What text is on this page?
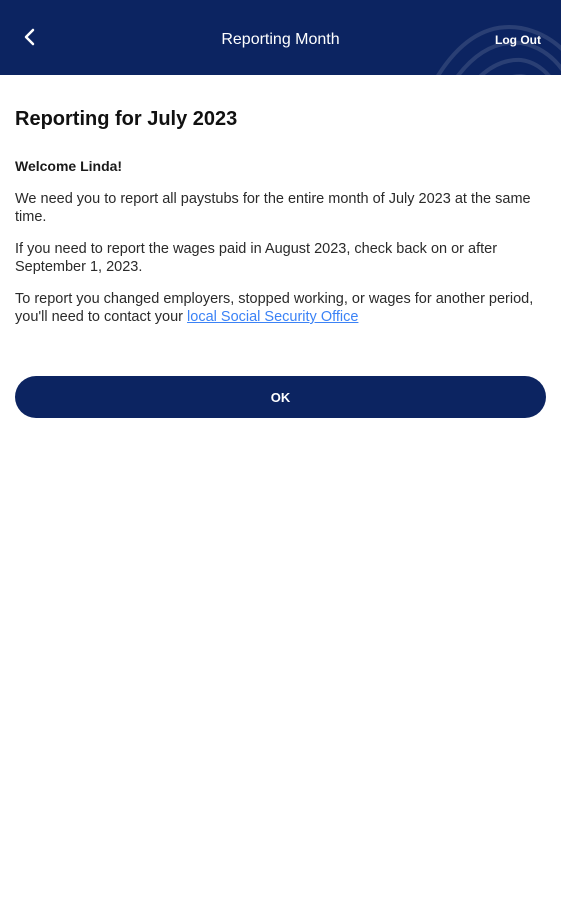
Reporting Month	Log Out
Reporting for July 2023
Welcome Linda!

We need you to report all paystubs for the entire month of July 2023 at the same time.

If you need to report the wages paid in August 2023, check back on or after September 1, 2023.

To report you changed employers, stopped working, or wages for another period, you'll need to contact your local Social Security Office

OK
